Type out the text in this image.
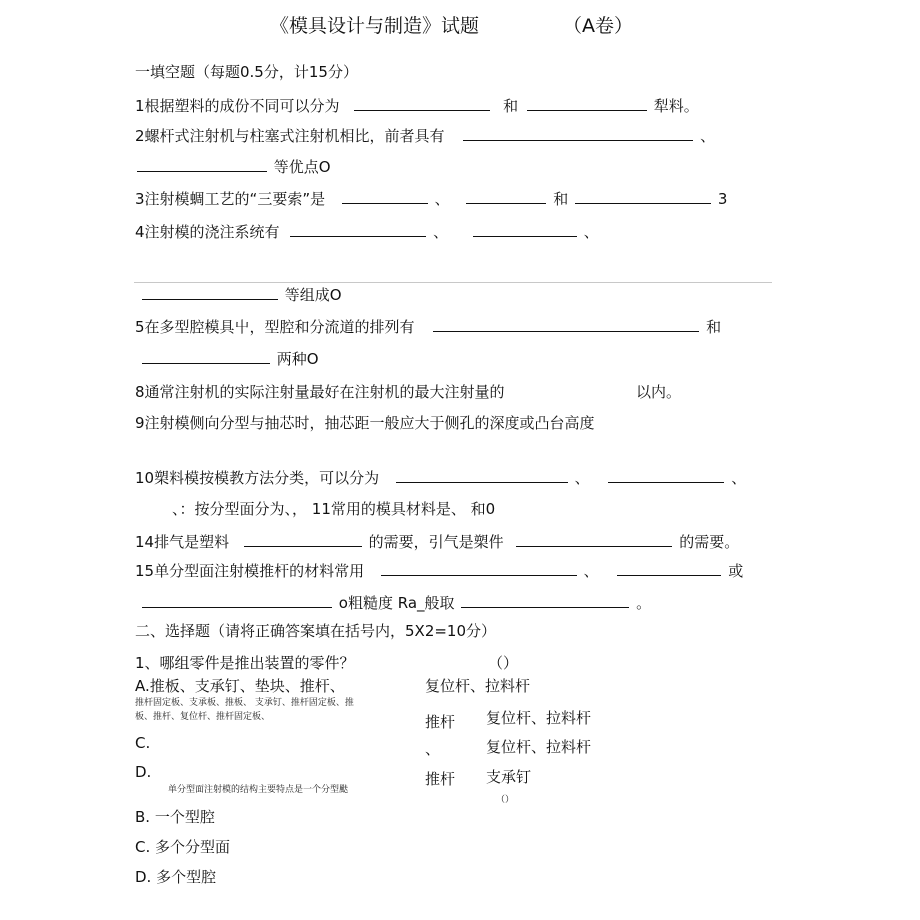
《模具设计与制造》试题	（A卷）
一填空题（每题0.5分，计15分）
1根据塑料的成份不同可以分为	和	犁料。
2螺杆式注射机与柱塞式注射机相比，前者具有	、
等优点O
3注射模蜩工艺的“三要索”是	、	和	3
4注射模的浇注系统有	、	、
等组成O
5在多型腔模具屮，型腔和分流道的排列有	和
两种O
8通常注射机的实际注射量最好在注射机的最大注射量的	以内。
9注射模侧向分型与抽芯时，抽芯距一般应大于侧孔的深度或凸台高度
10槊料模按模教方法分类，可以分为	、	、
、：按分型面分为、， 11常用的模具材料是、 和0
14排气是塑料	的需要，引气是槊件	的需要。
15单分型面注射模推杆的材料常用	、	或
o粗糙度 Ra_般取	。
二、选择题（请将正确答案填在括号内，5X2=10分）
1、哪组零件是推出装置的零件？	（）
A.推板、支承钉、垫块、推杆、	复位杆、拉料杆
推杆固定板、支承板、推板、 支承钉、推杆固定板、推
板、推杆、复位杆、推杆固定板、	推杆 复位杆、拉料杆
C.	、	复位杆、拉料杆
D.	推杆 支承钉
单分型面注射模的结构主要特点是一个分型颫
（）
B. 一个型腔
C. 多个分型面
D. 多个型腔
